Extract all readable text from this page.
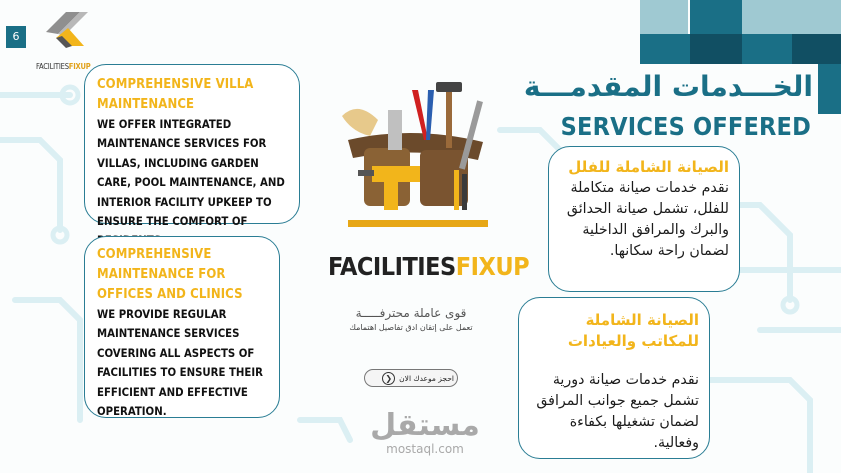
6
FACILITIESFIXUP
الخـــدمات المقدمـــة
SERVICES OFFERED
COMPREHENSIVE VILLA MAINTENANCE

WE OFFER INTEGRATED MAINTENANCE SERVICES FOR VILLAS, INCLUDING GARDEN CARE, POOL MAINTENANCE, AND INTERIOR FACILITY UPKEEP TO ENSURE THE COMFORT OF

COMPREHENSIVE MAINTENANCE FOR OFFICES AND CLINICS

WE PROVIDE REGULAR MAINTENANCE SERVICES COVERING ALL ASPECTS OF FACILITIES TO ENSURE THEIR EFFICIENT AND EFFECTIVE OPERATION.

الصيانة الشاملة للفلل

نقدم خدمات صيانة متكاملة للفلل، تشمل صيانة الحدائق والبرك والمرافق الداخلية لضمان راحة سكانها.

الصيانة الشاملة للمكاتب والعيادات

نقدم خدمات صيانة دورية تشمل جميع جوانب المرافق لضمان تشغيلها بكفاءة وفعالية.

FACILITIESFIXUP
قوى عاملة محترفـــــة
تعمل على إتقان ادق تفاصيل اهتمامك
احجز موعدك الان
❮
مستقل
mostaql.com
